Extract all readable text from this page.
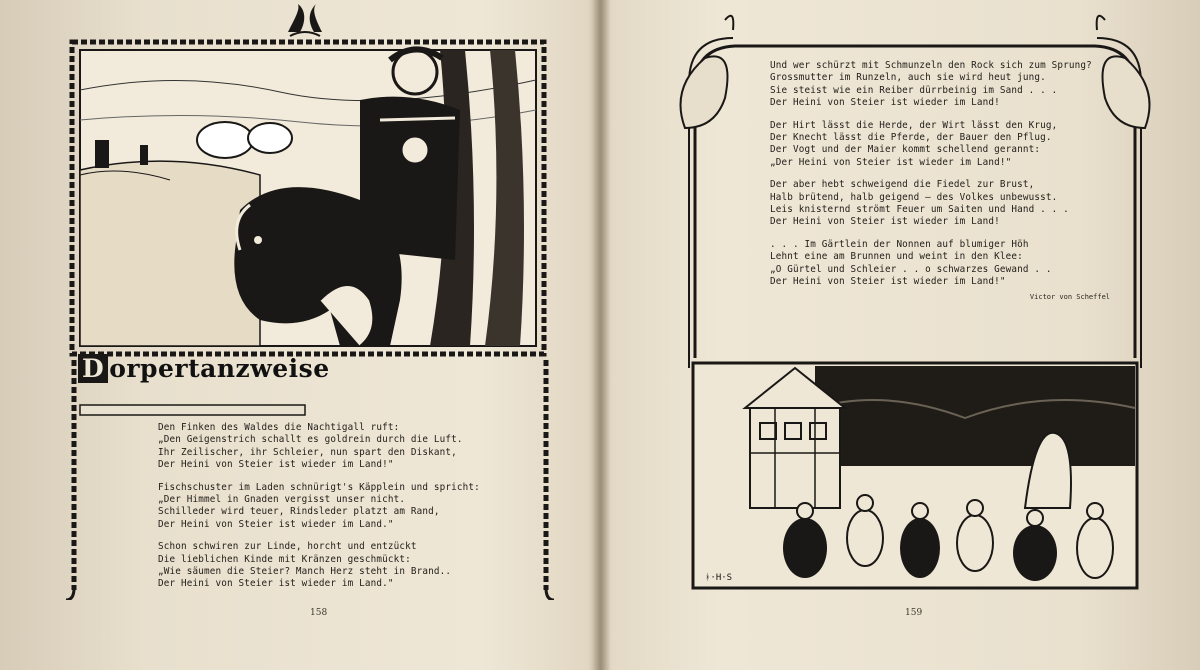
D orpertanzweise
Den Finken des Waldes die Nachtigall ruft:
„Den Geigenstrich schallt es goldrein durch die Luft.
Ihr Zeilischer, ihr Schleier, nun spart den Diskant,
Der Heini von Steier ist wieder im Land!"
Fischschuster im Laden schnürigt's Käpplein und spricht:
„Der Himmel in Gnaden vergisst unser nicht.
Schilleder wird teuer, Rindsleder platzt am Rand,
Der Heini von Steier ist wieder im Land."
Schon schwiren zur Linde, horcht und entzückt
Die lieblichen Kinde mit Kränzen geschmückt:
„Wie säumen die Steier? Manch Herz steht in Brand..
Der Heini von Steier ist wieder im Land."
158
ᚼ·H·S
Und wer schürzt mit Schmunzeln den Rock sich zum Sprung?
Grossmutter im Runzeln, auch sie wird heut jung.
Sie steist wie ein Reiber dürrbeinig im Sand . . .
Der Heini von Steier ist wieder im Land!
Der Hirt lässt die Herde, der Wirt lässt den Krug,
Der Knecht lässt die Pferde, der Bauer den Pflug.
Der Vogt und der Maier kommt schellend gerannt:
„Der Heini von Steier ist wieder im Land!"
Der aber hebt schweigend die Fiedel zur Brust,
Halb brütend, halb geigend — des Volkes unbewusst.
Leis knisternd strömt Feuer um Saiten und Hand . . .
Der Heini von Steier ist wieder im Land!
. . . Im Gärtlein der Nonnen auf blumiger Höh
Lehnt eine am Brunnen und weint in den Klee:
„O Gürtel und Schleier . . o schwarzes Gewand . .
Der Heini von Steier ist wieder im Land!"
Victor von Scheffel
159
